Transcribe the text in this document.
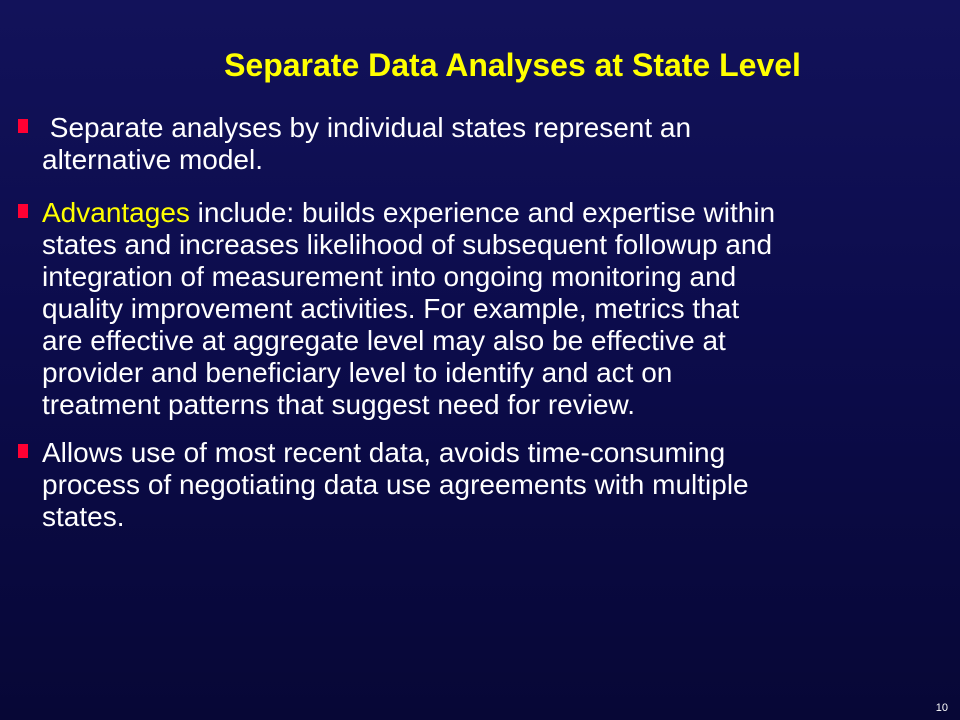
Separate Data Analyses at State Level
Separate analyses by individual states represent an
alternative model.
Advantages include: builds experience and expertise within
states and increases likelihood of subsequent followup and
integration of measurement into ongoing monitoring and
quality improvement activities. For example, metrics that
are effective at aggregate level may also be effective at
provider and beneficiary level to identify and act on
treatment patterns that suggest need for review.
Allows use of most recent data, avoids time-consuming
process of negotiating data use agreements with multiple
states.
10
